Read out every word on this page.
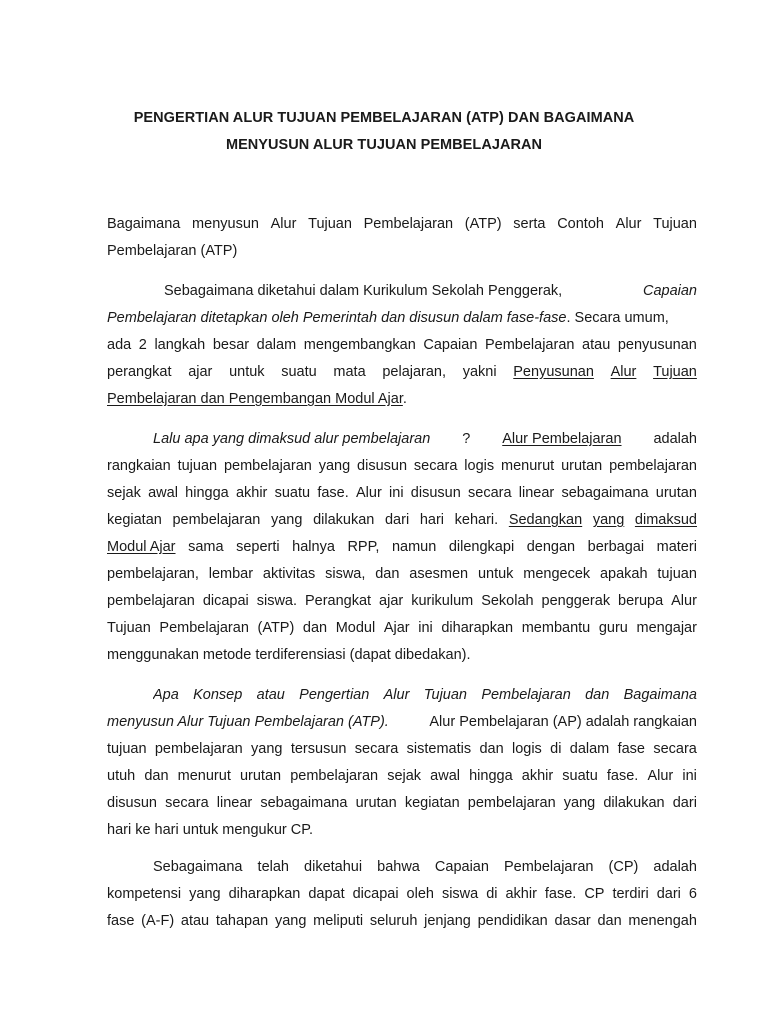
PENGERTIAN ALUR TUJUAN PEMBELAJARAN (ATP) DAN BAGAIMANA
MENYUSUN ALUR TUJUAN PEMBELAJARAN
Bagaimana menyusun Alur Tujuan Pembelajaran (ATP) serta Contoh Alur Tujuan
Pembelajaran (ATP)
Sebagaimana diketahui dalam Kurikulum Sekolah Penggerak,	Capaian
Pembelajaran ditetapkan oleh Pemerintah dan disusun dalam fase-fase. Secara umum,
ada 2 langkah besar dalam mengembangkan Capaian Pembelajaran atau penyusunan
perangkat ajar untuk suatu mata pelajaran, yakni Penyusunan Alur Tujuan
Pembelajaran dan Pengembangan Modul Ajar.
Lalu apa yang dimaksud alur pembelajaran ? Alur Pembelajaran adalah
rangkaian tujuan pembelajaran yang disusun secara logis menurut urutan pembelajaran
sejak awal hingga akhir suatu fase. Alur ini disusun secara linear sebagaimana urutan
kegiatan pembelajaran yang dilakukan dari hari kehari. Sedangkan yang dimaksud
Modul Ajar sama seperti halnya RPP, namun dilengkapi dengan berbagai materi
pembelajaran, lembar aktivitas siswa, dan asesmen untuk mengecek apakah tujuan
pembelajaran dicapai siswa. Perangkat ajar kurikulum Sekolah penggerak berupa Alur
Tujuan Pembelajaran (ATP) dan Modul Ajar ini diharapkan membantu guru mengajar
menggunakan metode terdiferensiasi (dapat dibedakan).
Apa Konsep atau Pengertian Alur Tujuan Pembelajaran dan Bagaimana
menyusun Alur Tujuan Pembelajaran (ATP).	Alur Pembelajaran (AP) adalah rangkaian
tujuan pembelajaran yang tersusun secara sistematis dan logis di dalam fase secara
utuh dan menurut urutan pembelajaran sejak awal hingga akhir suatu fase. Alur ini
disusun secara linear sebagaimana urutan kegiatan pembelajaran yang dilakukan dari
hari ke hari untuk mengukur CP.
Sebagaimana telah diketahui bahwa Capaian Pembelajaran (CP) adalah
kompetensi yang diharapkan dapat dicapai oleh siswa di akhir fase. CP terdiri dari 6
fase (A-F) atau tahapan yang meliputi seluruh jenjang pendidikan dasar dan menengah
